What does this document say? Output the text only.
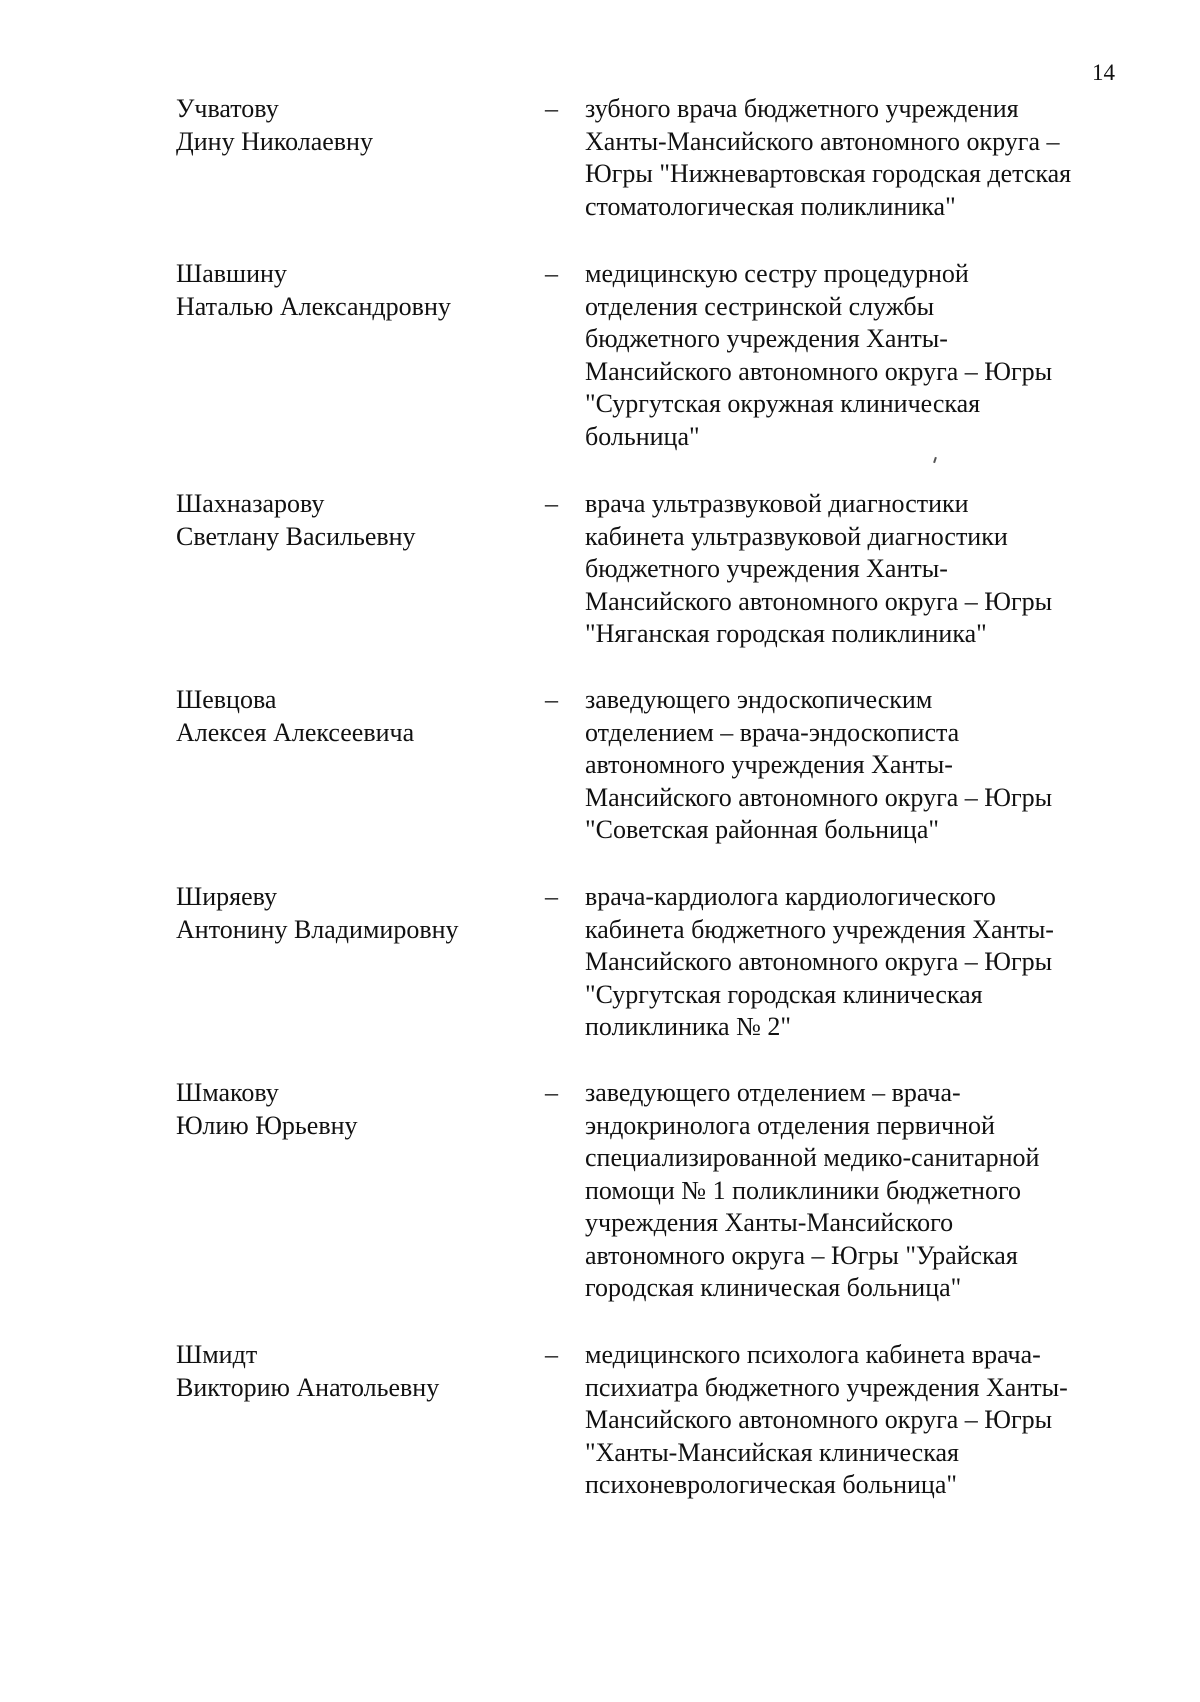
14
Учватову
Дину Николаевну
– зубного врача бюджетного учреждения
Ханты-Мансийского автономного округа –
Югры "Нижневартовская городская детская
стоматологическая поликлиника"
Шавшину
Наталью Александровну
– медицинскую сестру процедурной
отделения сестринской службы
бюджетного учреждения Ханты-
Мансийского автономного округа – Югры
"Сургутская окружная клиническая
больница"
Шахназарову
Светлану Васильевну
– врача ультразвуковой диагностики
кабинета ультразвуковой диагностики
бюджетного учреждения Ханты-
Мансийского автономного округа – Югры
"Няганская городская поликлиника"
Шевцова
Алексея Алексеевича
– заведующего эндоскопическим
отделением – врача-эндоскописта
автономного учреждения Ханты-
Мансийского автономного округа – Югры
"Советская районная больница"
Ширяеву
Антонину Владимировну
– врача-кардиолога кардиологического
кабинета бюджетного учреждения Ханты-
Мансийского автономного округа – Югры
"Сургутская городская клиническая
поликлиника № 2"
Шмакову
Юлию Юрьевну
– заведующего отделением – врача-
эндокринолога отделения первичной
специализированной медико-санитарной
помощи № 1 поликлиники бюджетного
учреждения Ханты-Мансийского
автономного округа – Югры "Урайская
городская клиническая больница"
Шмидт
Викторию Анатольевну
– медицинского психолога кабинета врача-
психиатра бюджетного учреждения Ханты-
Мансийского автономного округа – Югры
"Ханты-Мансийская клиническая
психоневрологическая больница"
